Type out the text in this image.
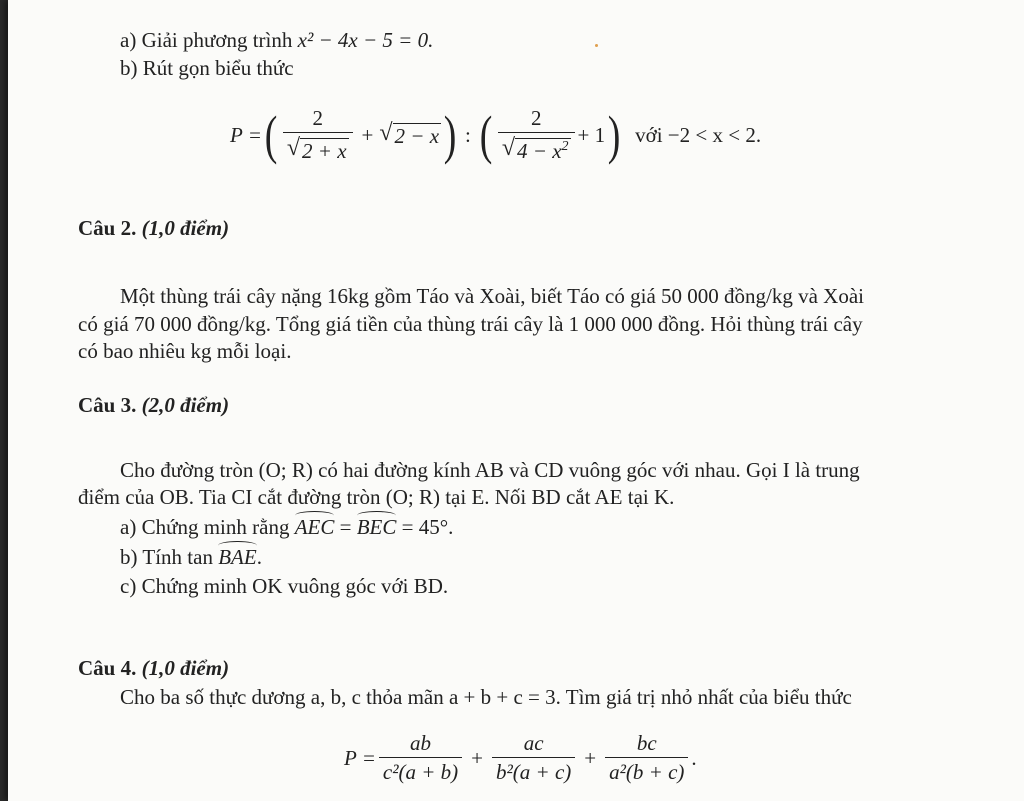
a) Giải phương trình x² − 4x − 5 = 0.
b) Rút gọn biểu thức
P = ( $\frac{2}{√ 2 + x}$ + √ 2 − x ) : ( $\frac{2}{√ 4 - x^2} + 1$ ) với −2 < x < 2.
Câu 2. (1,0 điểm)
Một thùng trái cây nặng 16kg gồm Táo và Xoài, biết Táo có giá 50 000 đồng/kg và Xoài
có giá 70 000 đồng/kg. Tổng giá tiền của thùng trái cây là 1 000 000 đồng. Hỏi thùng trái cây
có bao nhiêu kg mỗi loại.
Câu 3. (2,0 điểm)
Cho đường tròn (O; R) có hai đường kính AB và CD vuông góc với nhau. Gọi I là trung
điểm của OB. Tia CI cắt đường tròn (O; R) tại E. Nối BD cắt AE tại K.
a) Chứng minh rằng AEC = BEC = 45°.
b) Tính tan BAE.
c) Chứng minh OK vuông góc với BD.
Câu 4. (1,0 điểm)
Cho ba số thực dương a, b, c thỏa mãn a + b + c = 3. Tìm giá trị nhỏ nhất của biểu thức
$P = \frac{ab}{\text{c²(a + b)}} + \frac{ac}{\text{b²(a + c)}} + \frac{bc}{\text{a²(b + c)}}$ .
